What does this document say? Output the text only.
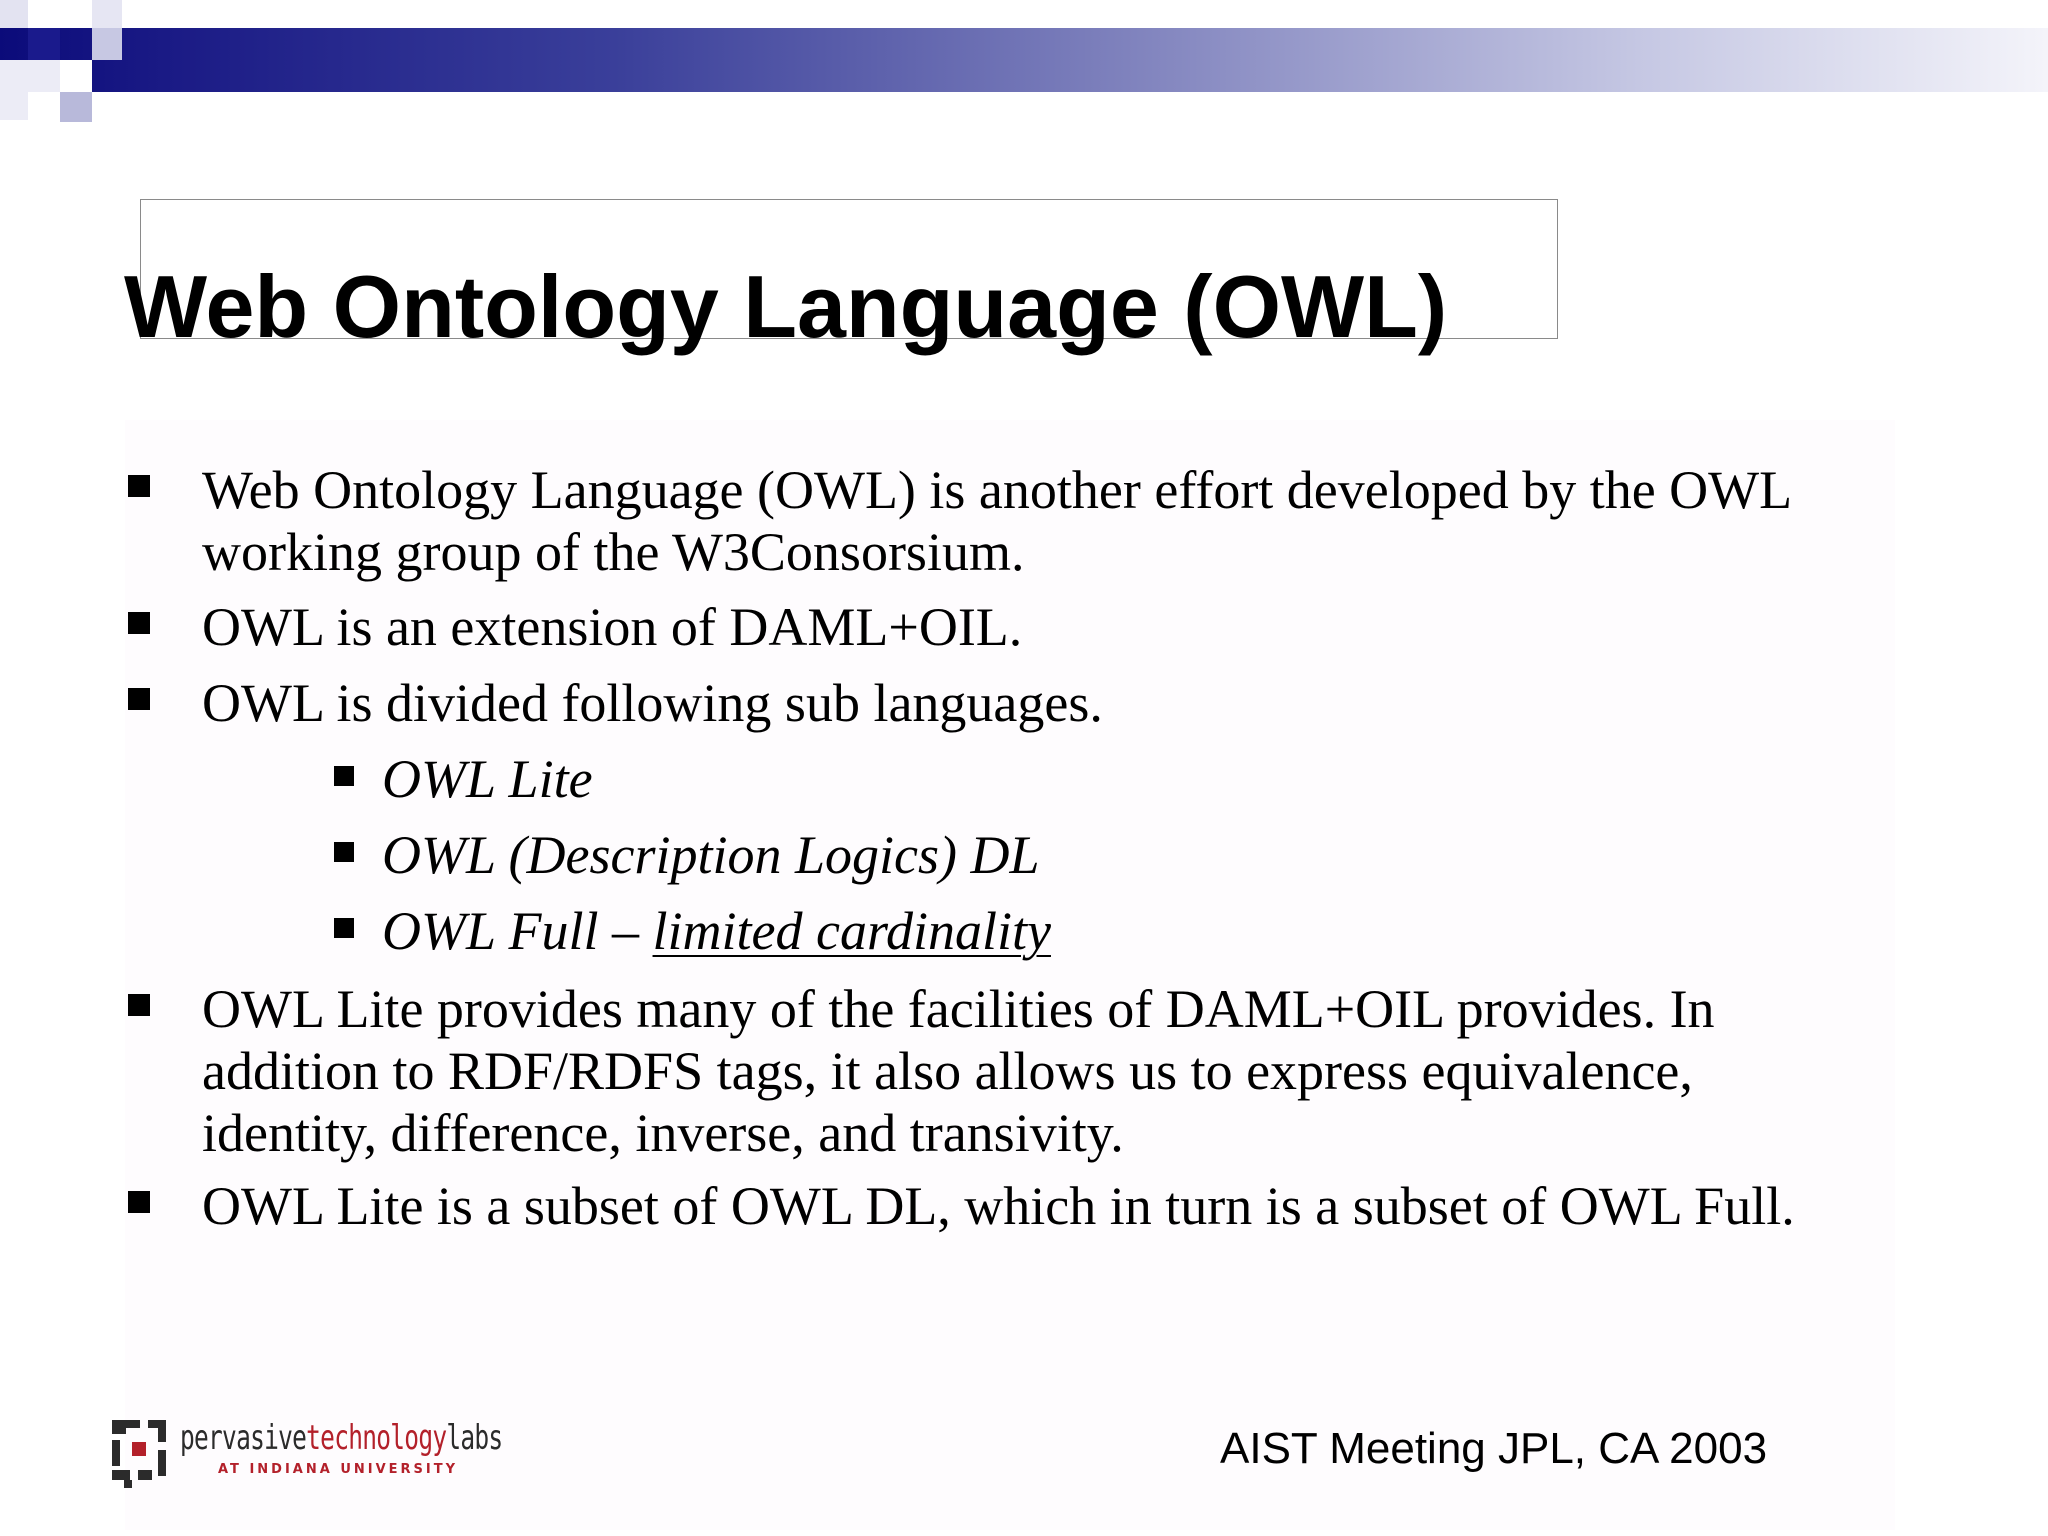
Web Ontology Language (OWL)
Web Ontology Language (OWL) is another effort developed by the OWL
working group of the W3Consorsium.
OWL is an extension of DAML+OIL.
OWL is divided following sub languages.
OWL Lite
OWL (Description Logics) DL
OWL Full – limited cardinality
OWL Lite provides many of the facilities of DAML+OIL provides. In
addition to RDF/RDFS tags, it also allows us to express equivalence,
identity, difference, inverse, and transivity.
OWL Lite is a subset of OWL DL, which in turn is a subset of OWL Full.
pervasivetechnologylabs
AT INDIANA UNIVERSITY	AIST Meeting JPL, CA 2003
